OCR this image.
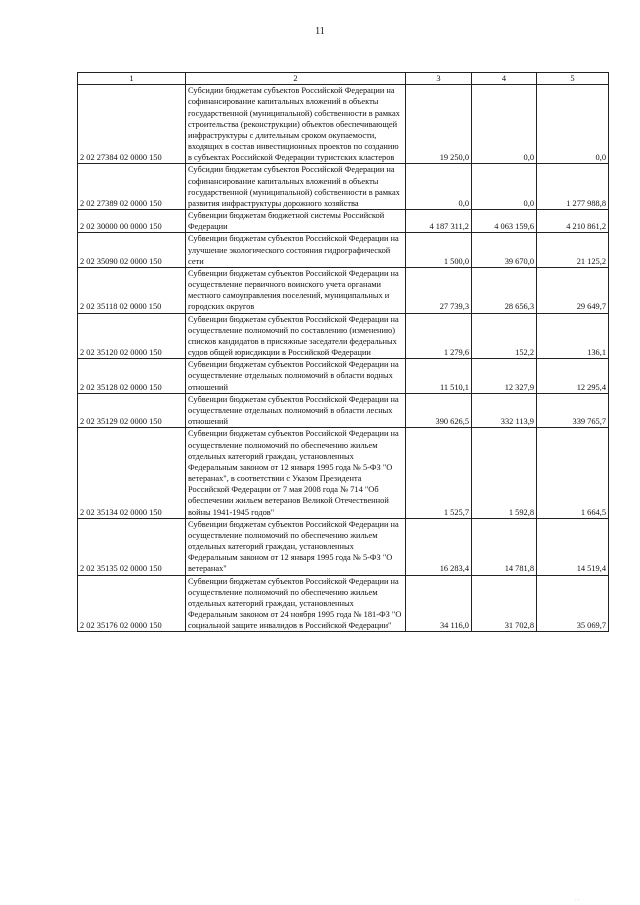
11
1	2	3	4	5
2 02 27384 02 0000 150	Субсидии бюджетам субъектов Российской Федерации на софинансирование капитальных вложений в объекты государственной (муниципальной) собственности в рамках строительства (реконструкции) объектов обеспечивающей инфраструктуры с длительным сроком окупаемости, входящих в состав инвестиционных проектов по созданию в субъектах Российской Федерации туристских кластеров	19 250,0	0,0	0,0
2 02 27389 02 0000 150	Субсидии бюджетам субъектов Российской Федерации на софинансирование капитальных вложений в объекты государственной (муниципальной) собственности в рамках развития инфраструктуры дорожного хозяйства	0,0	0,0	1 277 988,8
2 02 30000 00 0000 150	Субвенции бюджетам бюджетной системы Российской Федерации	4 187 311,2	4 063 159,6	4 210 861,2
2 02 35090 02 0000 150	Субвенции бюджетам субъектов Российской Федерации на улучшение экологического состояния гидрографической сети	1 500,0	39 670,0	21 125,2
2 02 35118 02 0000 150	Субвенции бюджетам субъектов Российской Федерации на осуществление первичного воинского учета органами местного самоуправления поселений, муниципальных и городских округов	27 739,3	28 656,3	29 649,7
2 02 35120 02 0000 150	Субвенции бюджетам субъектов Российской Федерации на осуществление полномочий по составлению (изменению) списков кандидатов в присяжные заседатели федеральных судов общей юрисдикции в Российской Федерации	1 279,6	152,2	136,1
2 02 35128 02 0000 150	Субвенции бюджетам субъектов Российской Федерации на осуществление отдельных полномочий в области водных отношений	11 510,1	12 327,9	12 295,4
2 02 35129 02 0000 150	Субвенции бюджетам субъектов Российской Федерации на осуществление отдельных полномочий в области лесных отношений	390 626,5	332 113,9	339 765,7
2 02 35134 02 0000 150	Субвенции бюджетам субъектов Российской Федерации на осуществление полномочий по обеспечению жильем отдельных категорий граждан, установленных Федеральным законом от 12 января 1995 года № 5-ФЗ "О ветеранах", в соответствии с Указом Президента Российской Федерации от 7 мая 2008 года № 714 "Об обеспечении жильем ветеранов Великой Отечественной войны 1941-1945 годов"	1 525,7	1 592,8	1 664,5
2 02 35135 02 0000 150	Субвенции бюджетам субъектов Российской Федерации на осуществление полномочий по обеспечению жильем отдельных категорий граждан, установленных Федеральным законом от 12 января 1995 года № 5-ФЗ "О ветеранах"	16 283,4	14 781,8	14 519,4
2 02 35176 02 0000 150	Субвенции бюджетам субъектов Российской Федерации на осуществление полномочий по обеспечению жильем отдельных категорий граждан, установленных Федеральным законом от 24 ноября 1995 года № 181-ФЗ "О социальной защите инвалидов в Российской Федерации"	34 116,0	31 702,8	35 069,7
· ·
